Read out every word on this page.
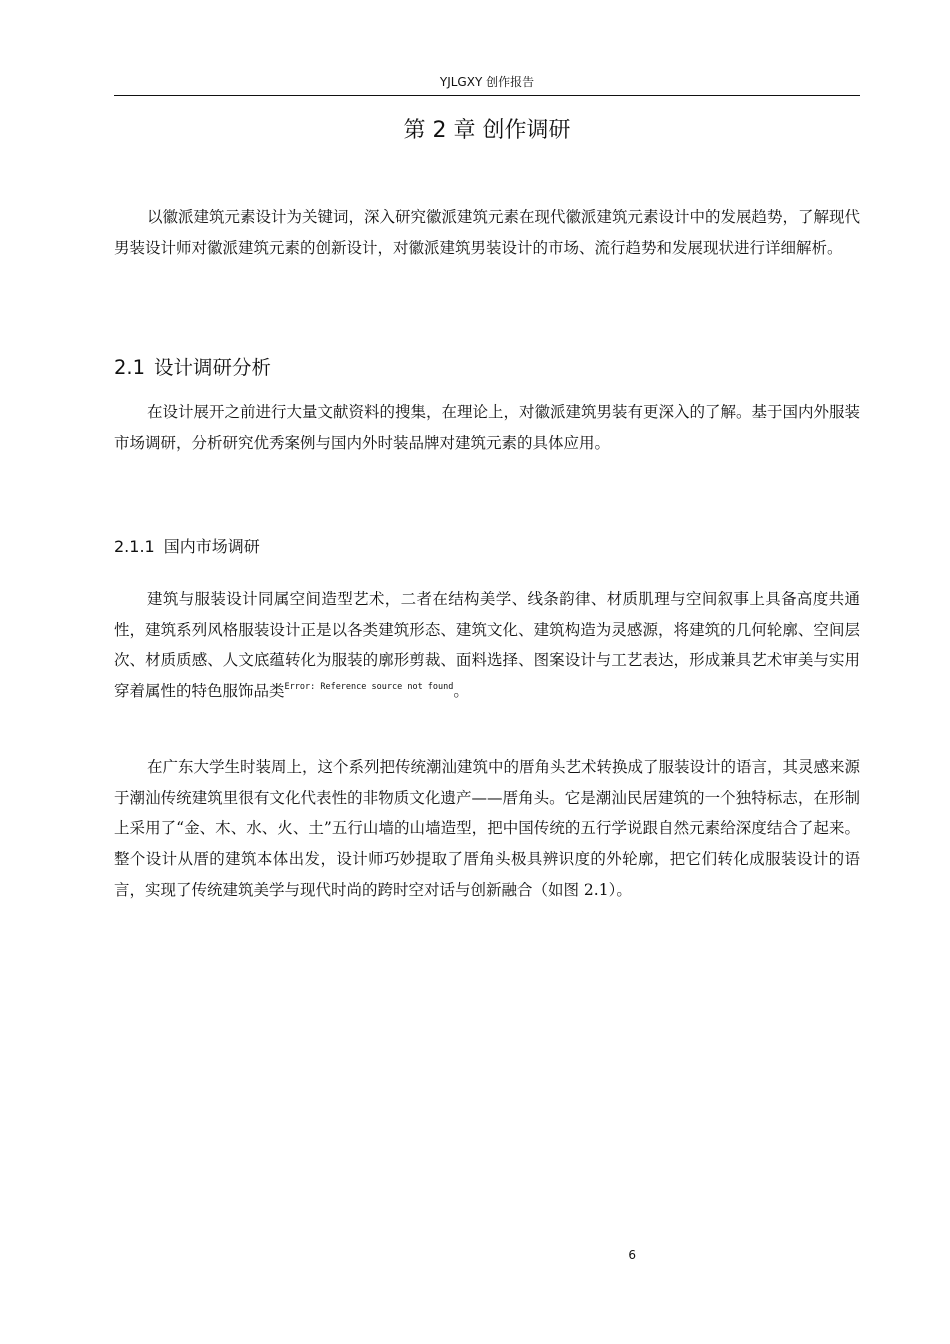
YJLGXY 创作报告
第 2 章 创作调研

以徽派建筑元素设计为关键词，深入研究徽派建筑元素在现代徽派建筑元素设计中的发展趋势，了解现代男装设计师对徽派建筑元素的创新设计，对徽派建筑男装设计的市场、流行趋势和发展现状进行详细解析。

2.1 设计调研分析

在设计展开之前进行大量文献资料的搜集，在理论上，对徽派建筑男装有更深入的了解。基于国内外服装市场调研，分析研究优秀案例与国内外时装品牌对建筑元素的具体应用。

2.1.1 国内市场调研

建筑与服装设计同属空间造型艺术，二者在结构美学、线条韵律、材质肌理与空间叙事上具备高度共通性，建筑系列风格服装设计正是以各类建筑形态、建筑文化、建筑构造为灵感源，将建筑的几何轮廓、空间层次、材质质感、人文底蕴转化为服装的廓形剪裁、面料选择、图案设计与工艺表达，形成兼具艺术审美与实用穿着属性的特色服饰品类$^{Error: Reference source not found}$。

在广东大学生时装周上，这个系列把传统潮汕建筑中的厝角头艺术转换成了服装设计的语言，其灵感来源于潮汕传统建筑里很有文化代表性的非物质文化遗产——厝角头。它是潮汕民居建筑的一个独特标志，在形制上采用了“金、木、水、火、土”五行山墙的山墙造型，把中国传统的五行学说跟自然元素给深度结合了起来。整个设计从厝的建筑本体出发，设计师巧妙提取了厝角头极具辨识度的外轮廓，把它们转化成服装设计的语言，实现了传统建筑美学与现代时尚的跨时空对话与创新融合（如图 2.1）。

6
